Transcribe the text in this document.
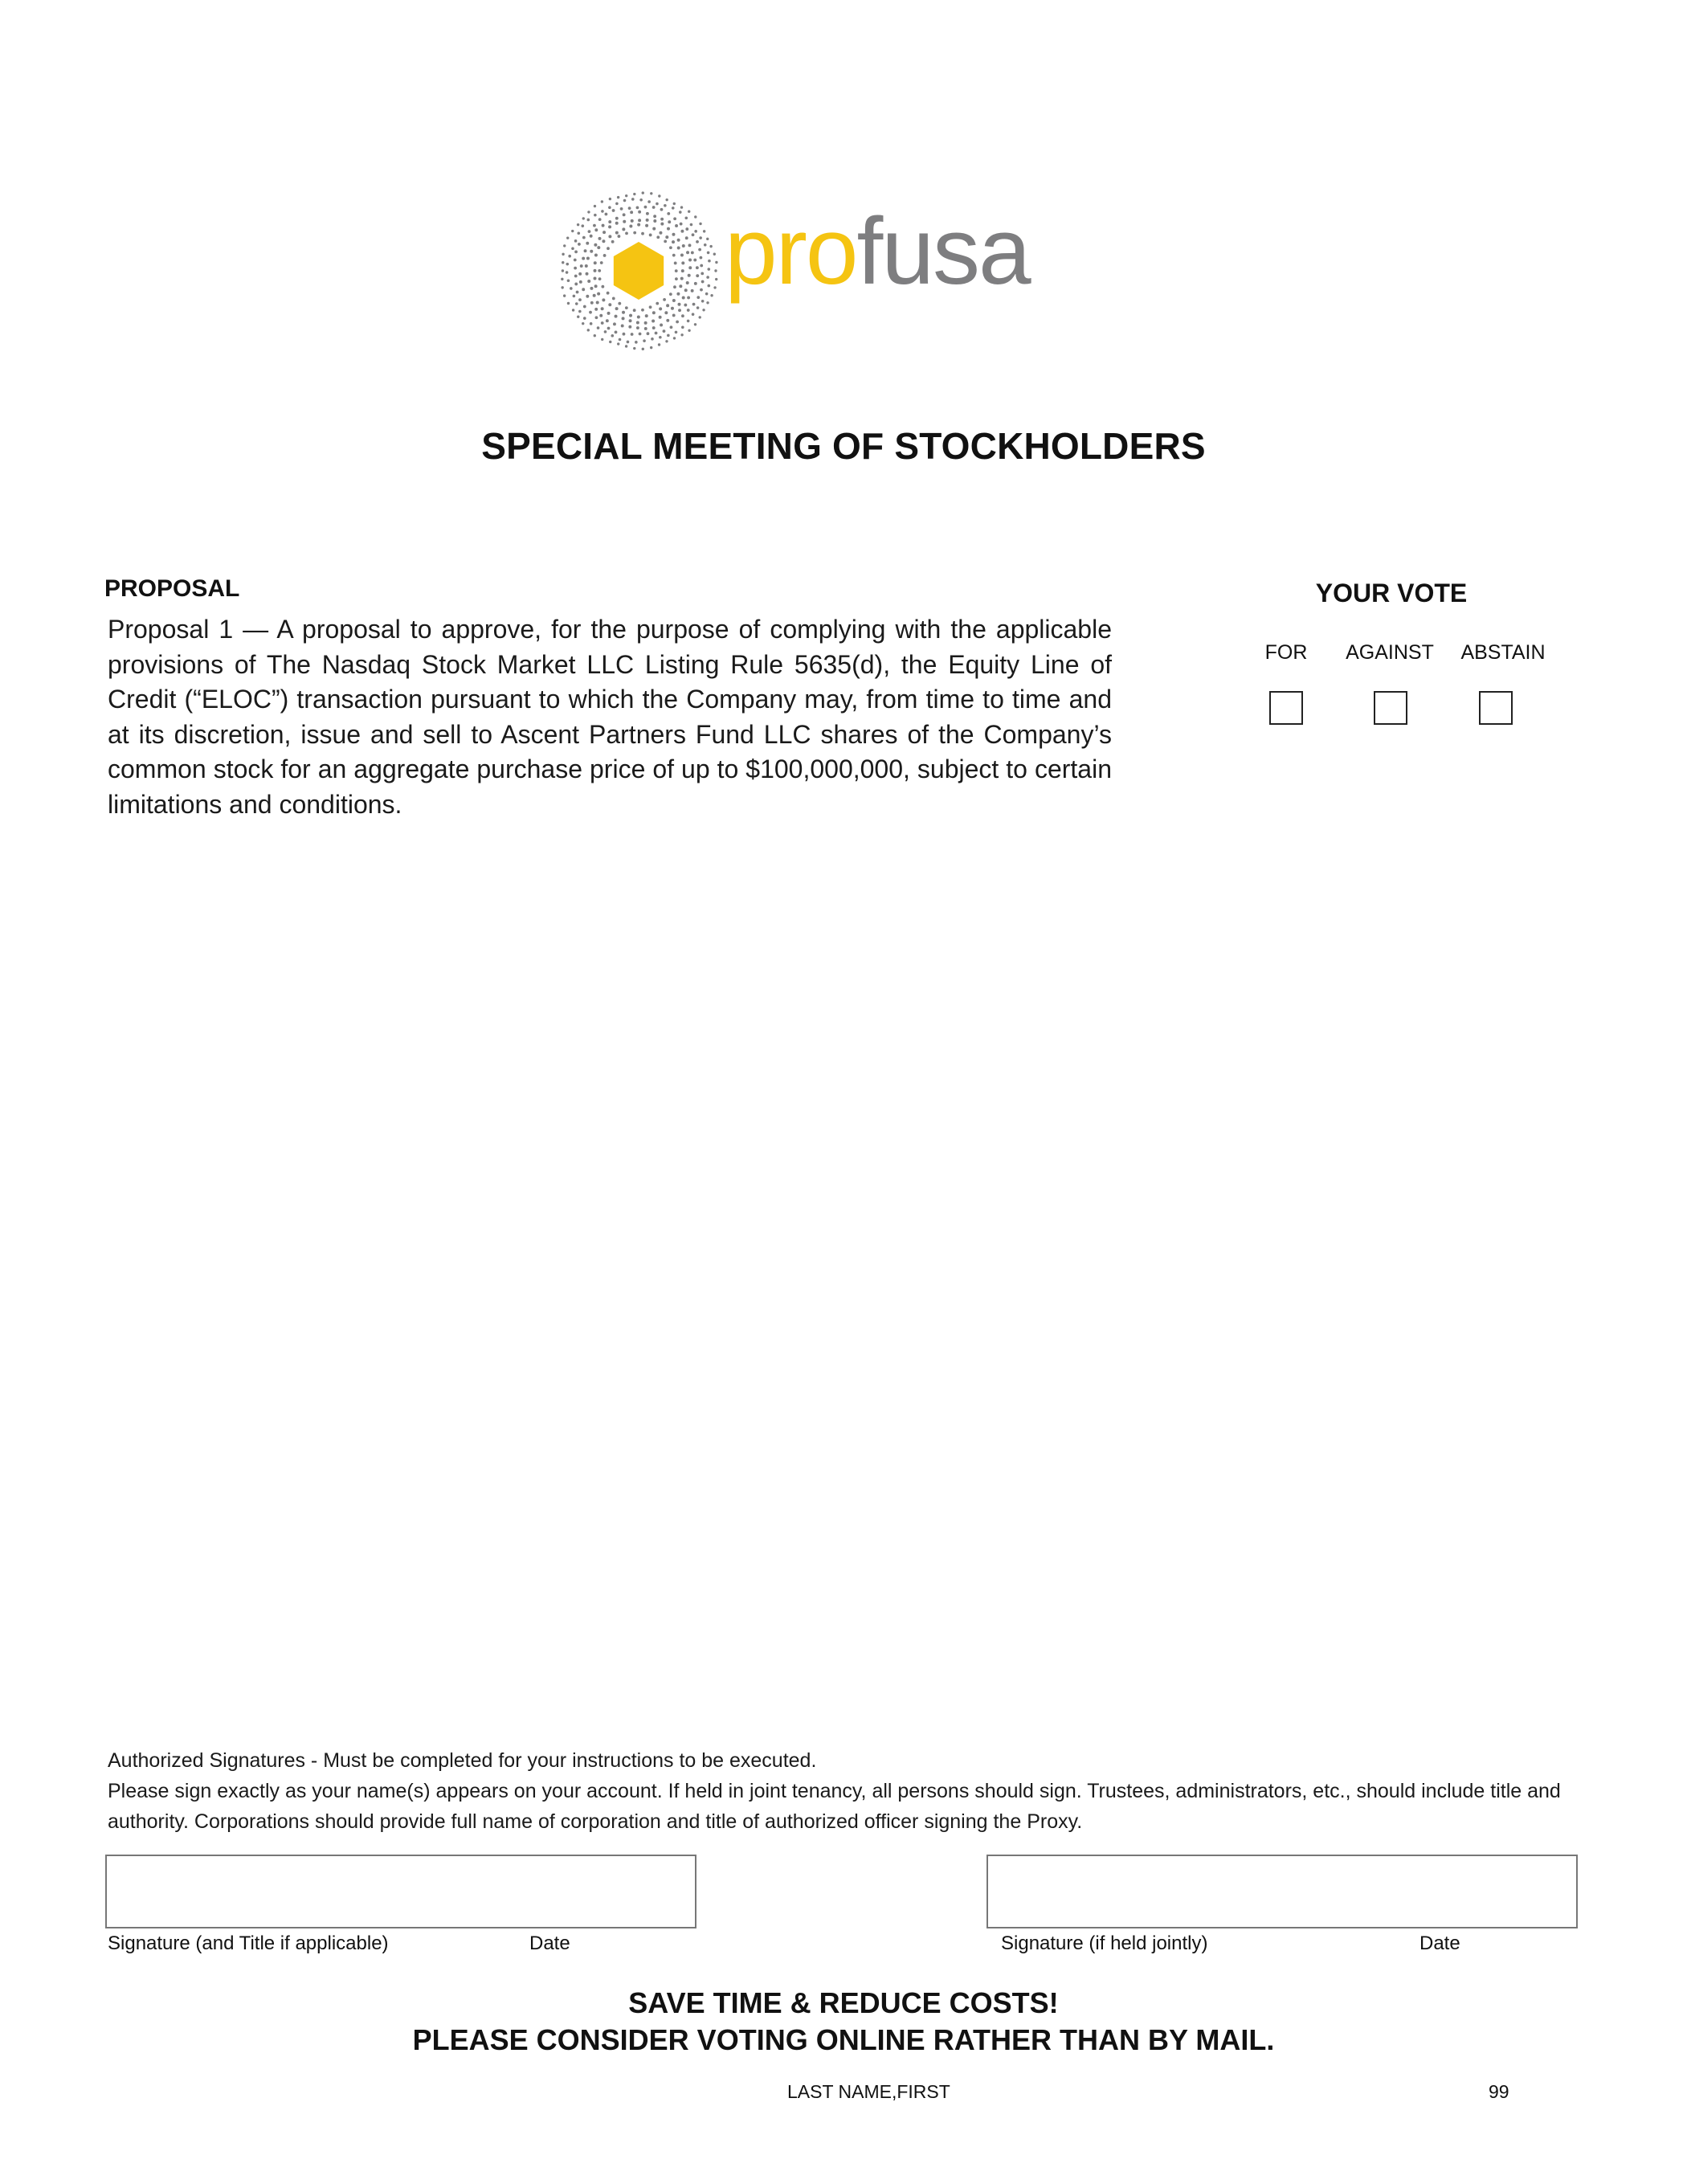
profusa
SPECIAL MEETING OF STOCKHOLDERS
PROPOSAL
Proposal 1 — A proposal to approve, for the purpose of complying with the applicable provisions of The Nasdaq Stock Market LLC Listing Rule 5635(d), the Equity Line of Credit (“ELOC”) transaction pursuant to which the Company may, from time to time and at its discretion, issue and sell to Ascent Partners Fund LLC shares of the Company’s common stock for an aggregate purchase price of up to $100,000,000, subject to certain limitations and conditions.
YOUR VOTE
FOR	AGAINST	ABSTAIN
Authorized Signatures - Must be completed for your instructions to be executed.
Please sign exactly as your name(s) appears on your account. If held in joint tenancy, all persons should sign. Trustees, administrators, etc., should include title and authority. Corporations should provide full name of corporation and title of authorized officer signing the Proxy.
Signature (and Title if applicable)	Date	Signature (if held jointly)	Date
SAVE TIME & REDUCE COSTS!
PLEASE CONSIDER VOTING ONLINE RATHER THAN BY MAIL.
LAST NAME,FIRST	99
